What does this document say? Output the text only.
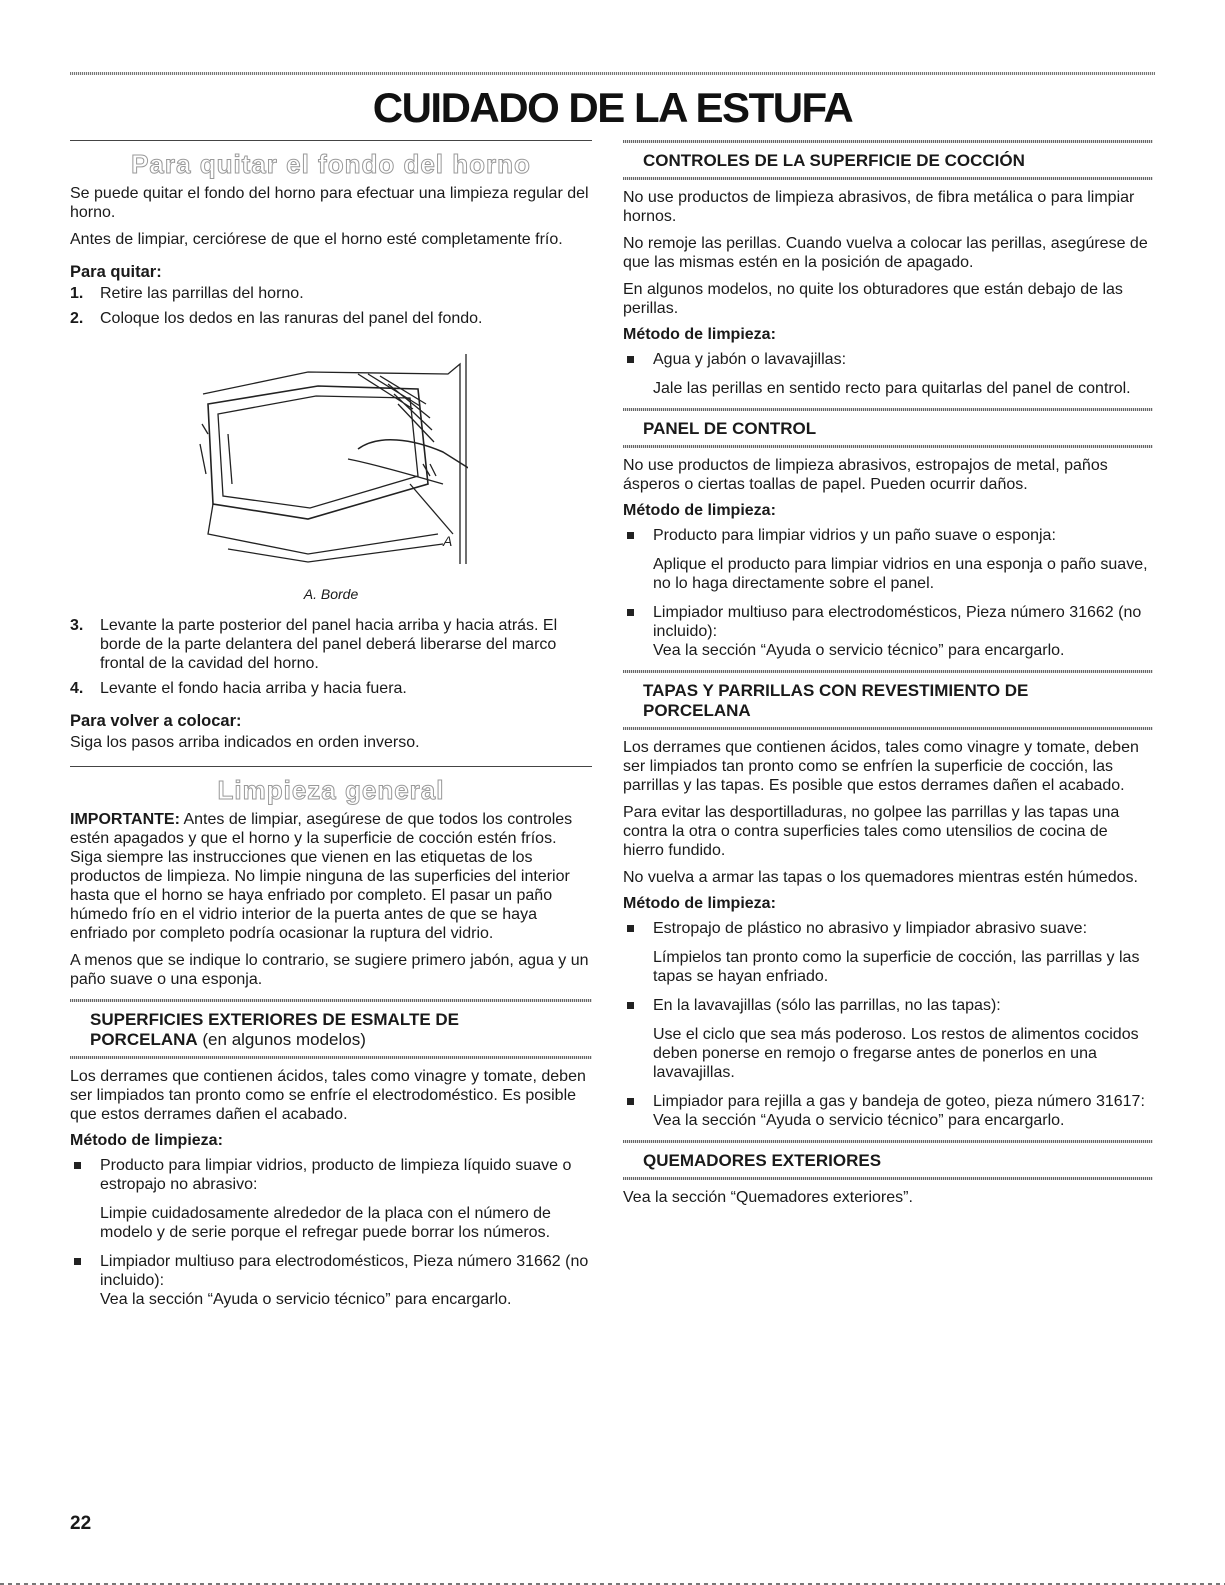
CUIDADO DE LA ESTUFA
Para quitar el fondo del horno

Se puede quitar el fondo del horno para efectuar una limpieza regular del horno.

Antes de limpiar, cerciórese de que el horno esté completamente frío.

Para quitar:
1.	Retire las parrillas del horno.
2.	Coloque los dedos en las ranuras del panel del fondo.
A
A. Borde
3.	Levante la parte posterior del panel hacia arriba y hacia atrás. El borde de la parte delantera del panel deberá liberarse del marco frontal de la cavidad del horno.
4.	Levante el fondo hacia arriba y hacia fuera.
Para volver a colocar:

Siga los pasos arriba indicados en orden inverso.

Limpieza general

IMPORTANTE: Antes de limpiar, asegúrese de que todos los controles estén apagados y que el horno y la superficie de cocción estén fríos. Siga siempre las instrucciones que vienen en las etiquetas de los productos de limpieza. No limpie ninguna de las superficies del interior hasta que el horno se haya enfriado por completo. El pasar un paño húmedo frío en el vidrio interior de la puerta antes de que se haya enfriado por completo podría ocasionar la ruptura del vidrio.

A menos que se indique lo contrario, se sugiere primero jabón, agua y un paño suave o una esponja.

SUPERFICIES EXTERIORES DE ESMALTE DE
PORCELANA (en algunos modelos)

Los derrames que contienen ácidos, tales como vinagre y tomate, deben ser limpiados tan pronto como se enfríe el electrodoméstico. Es posible que estos derrames dañen el acabado.

Método de limpieza:
Producto para limpiar vidrios, producto de limpieza líquido suave o estropajo no abrasivo:
Limpie cuidadosamente alrededor de la placa con el número de modelo y de serie porque el refregar puede borrar los números.
Limpiador multiuso para electrodomésticos, Pieza número 31662 (no incluido):
Vea la sección “Ayuda o servicio técnico” para encargarlo.
CONTROLES DE LA SUPERFICIE DE COCCIÓN

No use productos de limpieza abrasivos, de fibra metálica o para limpiar hornos.

No remoje las perillas. Cuando vuelva a colocar las perillas, asegúrese de que las mismas estén en la posición de apagado.

En algunos modelos, no quite los obturadores que están debajo de las perillas.

Método de limpieza:
Agua y jabón o lavavajillas:
Jale las perillas en sentido recto para quitarlas del panel de control.
PANEL DE CONTROL

No use productos de limpieza abrasivos, estropajos de metal, paños ásperos o ciertas toallas de papel. Pueden ocurrir daños.

Método de limpieza:
Producto para limpiar vidrios y un paño suave o esponja:
Aplique el producto para limpiar vidrios en una esponja o paño suave, no lo haga directamente sobre el panel.
Limpiador multiuso para electrodomésticos, Pieza número 31662 (no incluido):
Vea la sección “Ayuda o servicio técnico” para encargarlo.
TAPAS Y PARRILLAS CON REVESTIMIENTO DE
PORCELANA

Los derrames que contienen ácidos, tales como vinagre y tomate, deben ser limpiados tan pronto como se enfríen la superficie de cocción, las parrillas y las tapas. Es posible que estos derrames dañen el acabado.

Para evitar las desportilladuras, no golpee las parrillas y las tapas una contra la otra o contra superficies tales como utensilios de cocina de hierro fundido.

No vuelva a armar las tapas o los quemadores mientras estén húmedos.

Método de limpieza:
Estropajo de plástico no abrasivo y limpiador abrasivo suave:
Límpielos tan pronto como la superficie de cocción, las parrillas y las tapas se hayan enfriado.
En la lavavajillas (sólo las parrillas, no las tapas):
Use el ciclo que sea más poderoso. Los restos de alimentos cocidos deben ponerse en remojo o fregarse antes de ponerlos en una lavavajillas.
Limpiador para rejilla a gas y bandeja de goteo, pieza número 31617:
Vea la sección “Ayuda o servicio técnico” para encargarlo.
QUEMADORES EXTERIORES

Vea la sección “Quemadores exteriores”.

22
